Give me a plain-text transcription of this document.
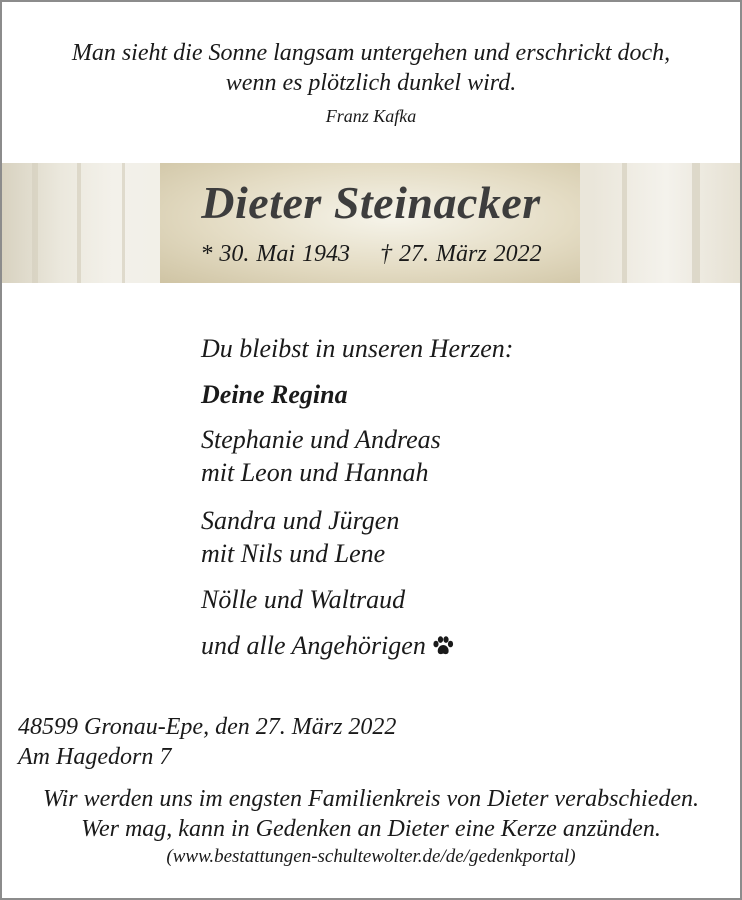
Man sieht die Sonne langsam untergehen und erschrickt doch,
wenn es plötzlich dunkel wird.
Franz Kafka
Dieter Steinacker
* 30. Mai 1943 † 27. März 2022
Du bleibst in unseren Herzen:
Deine Regina
Stephanie und Andreas
mit Leon und Hannah
Sandra und Jürgen
mit Nils und Lene
Nölle und Waltraud
und alle Angehörigen
48599 Gronau-Epe, den 27. März 2022
Am Hagedorn 7
Wir werden uns im engsten Familienkreis von Dieter verabschieden.
Wer mag, kann in Gedenken an Dieter eine Kerze anzünden.
(www.bestattungen-schultewolter.de/de/gedenkportal)
